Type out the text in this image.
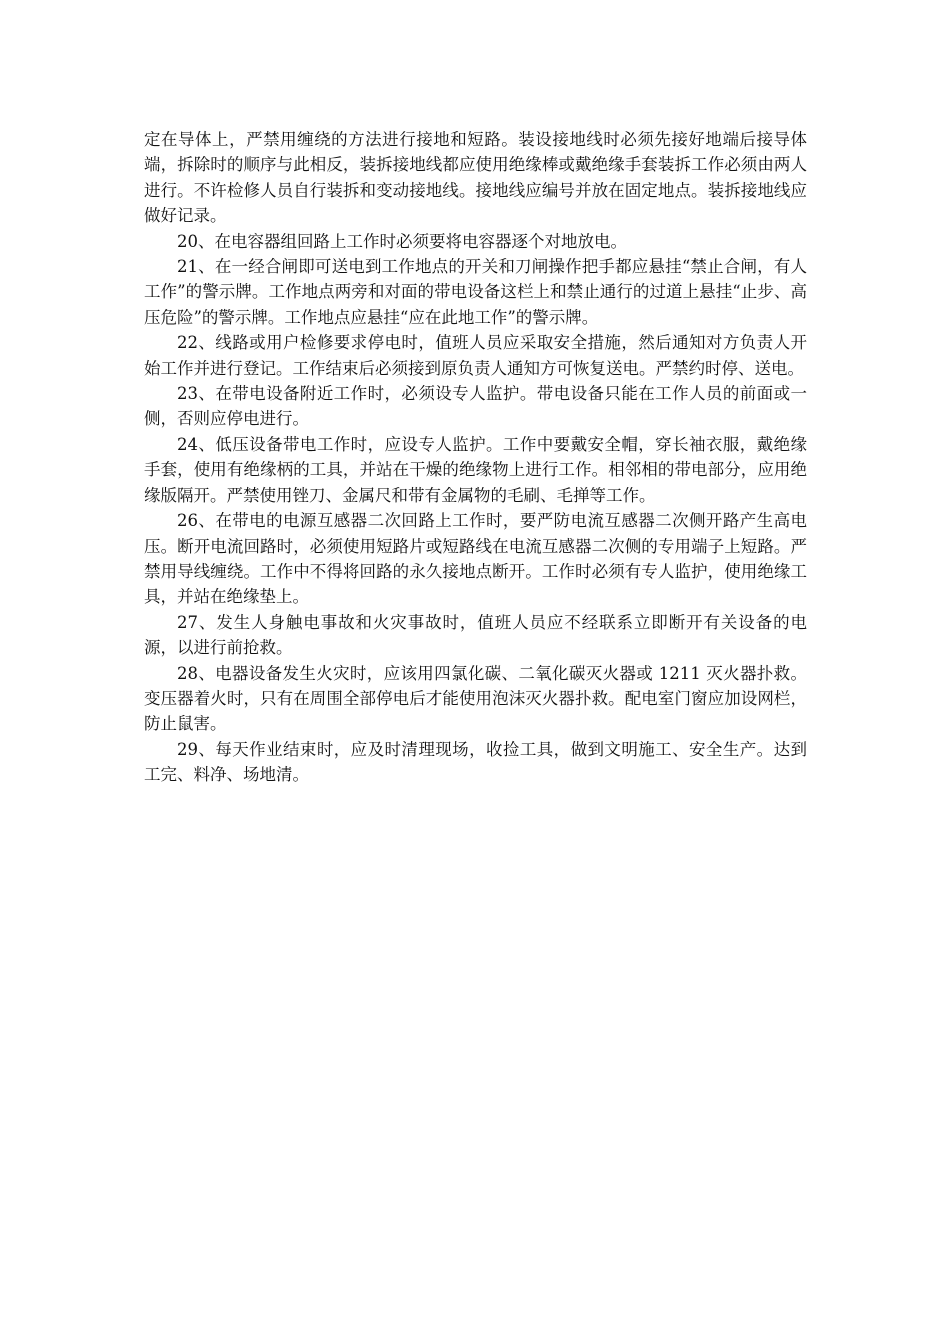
定在导体上，严禁用缠绕的方法进行接地和短路。装设接地线时必须先接好地端后接导体端，拆除时的顺序与此相反，装拆接地线都应使用绝缘棒或戴绝缘手套装拆工作必须由两人进行。不许检修人员自行装拆和变动接地线。接地线应编号并放在固定地点。装拆接地线应做好记录。

20、在电容器组回路上工作时必须要将电容器逐个对地放电。

21、在一经合闸即可送电到工作地点的开关和刀闸操作把手都应悬挂“禁止合闸，有人工作”的警示牌。工作地点两旁和对面的带电设备这栏上和禁止通行的过道上悬挂“止步、高压危险”的警示牌。工作地点应悬挂“应在此地工作”的警示牌。

22、线路或用户检修要求停电时，值班人员应采取安全措施，然后通知对方负责人开始工作并进行登记。工作结束后必须接到原负责人通知方可恢复送电。严禁约时停、送电。

23、在带电设备附近工作时，必须设专人监护。带电设备只能在工作人员的前面或一侧，否则应停电进行。

24、低压设备带电工作时，应设专人监护。工作中要戴安全帽，穿长袖衣服，戴绝缘手套，使用有绝缘柄的工具，并站在干燥的绝缘物上进行工作。相邻相的带电部分，应用绝缘版隔开。严禁使用锉刀、金属尺和带有金属物的毛刷、毛掸等工作。

26、在带电的电源互感器二次回路上工作时，要严防电流互感器二次侧开路产生高电压。断开电流回路时，必须使用短路片或短路线在电流互感器二次侧的专用端子上短路。严禁用导线缠绕。工作中不得将回路的永久接地点断开。工作时必须有专人监护，使用绝缘工具，并站在绝缘垫上。

27、发生人身触电事故和火灾事故时，值班人员应不经联系立即断开有关设备的电源，以进行前抢救。

28、电器设备发生火灾时，应该用四氯化碳、二氧化碳灭火器或 1211 灭火器扑救。变压器着火时，只有在周围全部停电后才能使用泡沫灭火器扑救。配电室门窗应加设网栏，防止鼠害。

29、每天作业结束时，应及时清理现场，收捡工具，做到文明施工、安全生产。达到工完、料净、场地清。
